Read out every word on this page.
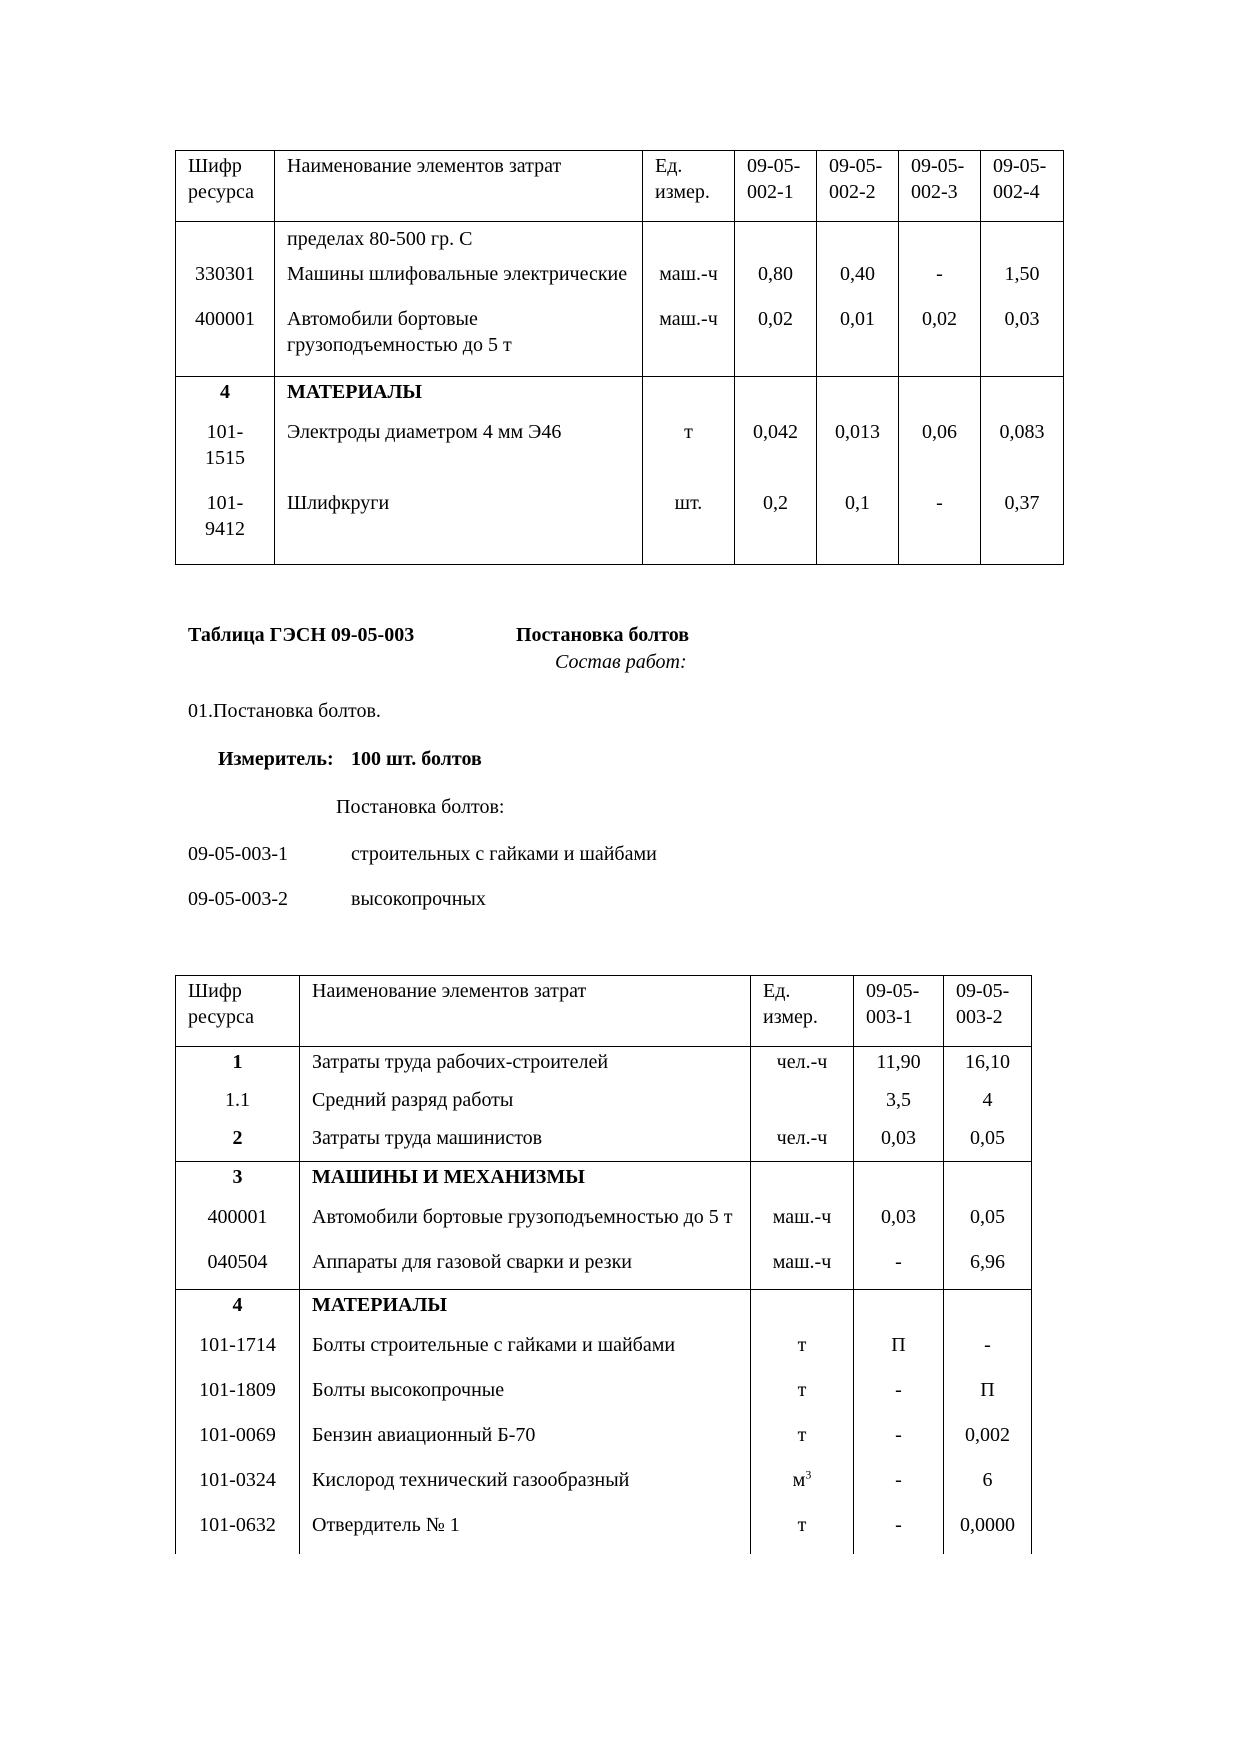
Шифр ресурса	Наименование элементов затрат	Ед. измер.	09-05-002-1	09-05-002-2	09-05-002-3	09-05-002-4
	пределах 80-500 гр. С					
330301	Машины шлифовальные электрические	маш.-ч	0,80	0,40	-	1,50
400001	Автомобили бортовые грузоподъемностью до 5 т	маш.-ч	0,02	0,01	0,02	0,03
4	МАТЕРИАЛЫ					
101-1515	Электроды диаметром 4 мм Э46	т	0,042	0,013	0,06	0,083
101-9412	Шлифкруги	шт.	0,2	0,1	-	0,37
Таблица ГЭСН 09-05-003	Постановка болтов
Состав работ:
01.Постановка болтов.
Измеритель: 100 шт. болтов
Постановка болтов:
09-05-003-1	строительных с гайками и шайбами
09-05-003-2	высокопрочных
Шифр ресурса	Наименование элементов затрат	Ед. измер.	09-05-003-1	09-05-003-2
1	Затраты труда рабочих-строителей	чел.-ч	11,90	16,10
1.1	Средний разряд работы		3,5	4
2	Затраты труда машинистов	чел.-ч	0,03	0,05
3	МАШИНЫ И МЕХАНИЗМЫ			
400001	Автомобили бортовые грузоподъемностью до 5 т	маш.-ч	0,03	0,05
040504	Аппараты для газовой сварки и резки	маш.-ч	-	6,96
4	МАТЕРИАЛЫ			
101-1714	Болты строительные с гайками и шайбами	т	П	-
101-1809	Болты высокопрочные	т	-	П
101-0069	Бензин авиационный Б-70	т	-	0,002
101-0324	Кислород технический газообразный	$м^3$	-	6
101-0632	Отвердитель № 1	т	-	0,0000
